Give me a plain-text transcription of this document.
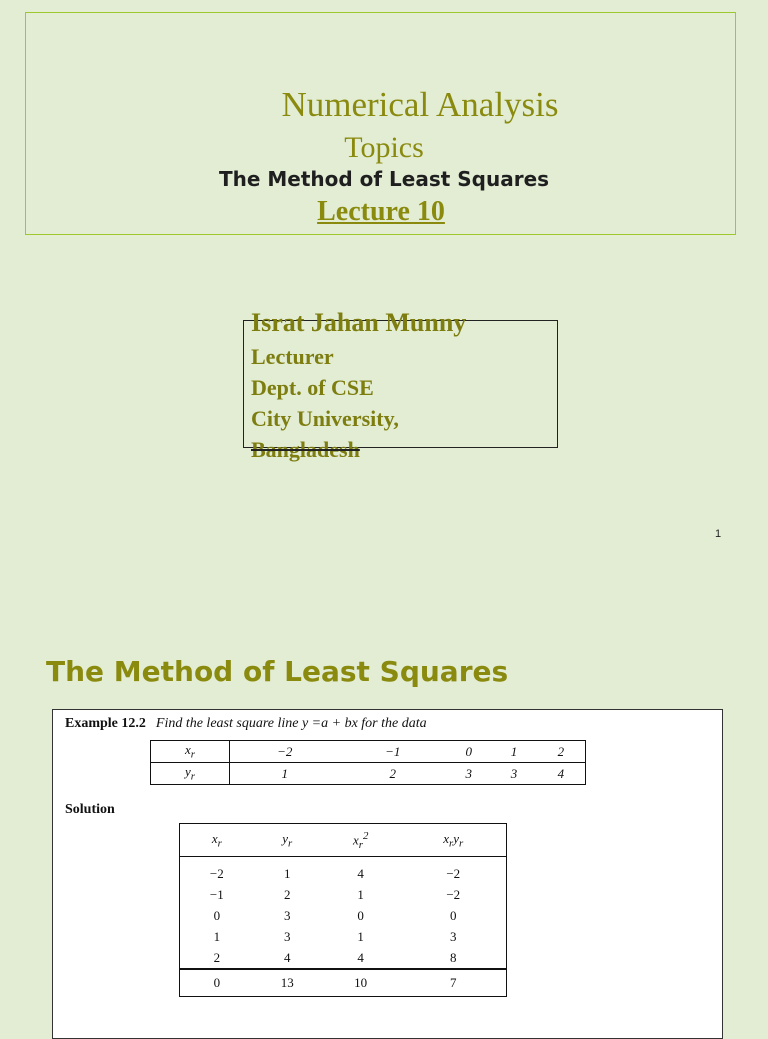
Numerical Analysis
Topics
The Method of Least Squares
Lecture 10
Israt Jahan Munny
Lecturer
Dept. of CSE
City University,
Bangladesh
1
The Method of Least Squares
Example 12.2 Find the least square line y =a + bx for the data
$x_r$	−2	−1	0	1	2
$y_r$	1	2	3	3	4
Solution
$x_r$	$y_r$	$x_r^2$	$x_ry_r$
−2	1	4	−2
−1	2	1	−2
0	3	0	0
1	3	1	3
2	4	4	8
0	13	10	7
